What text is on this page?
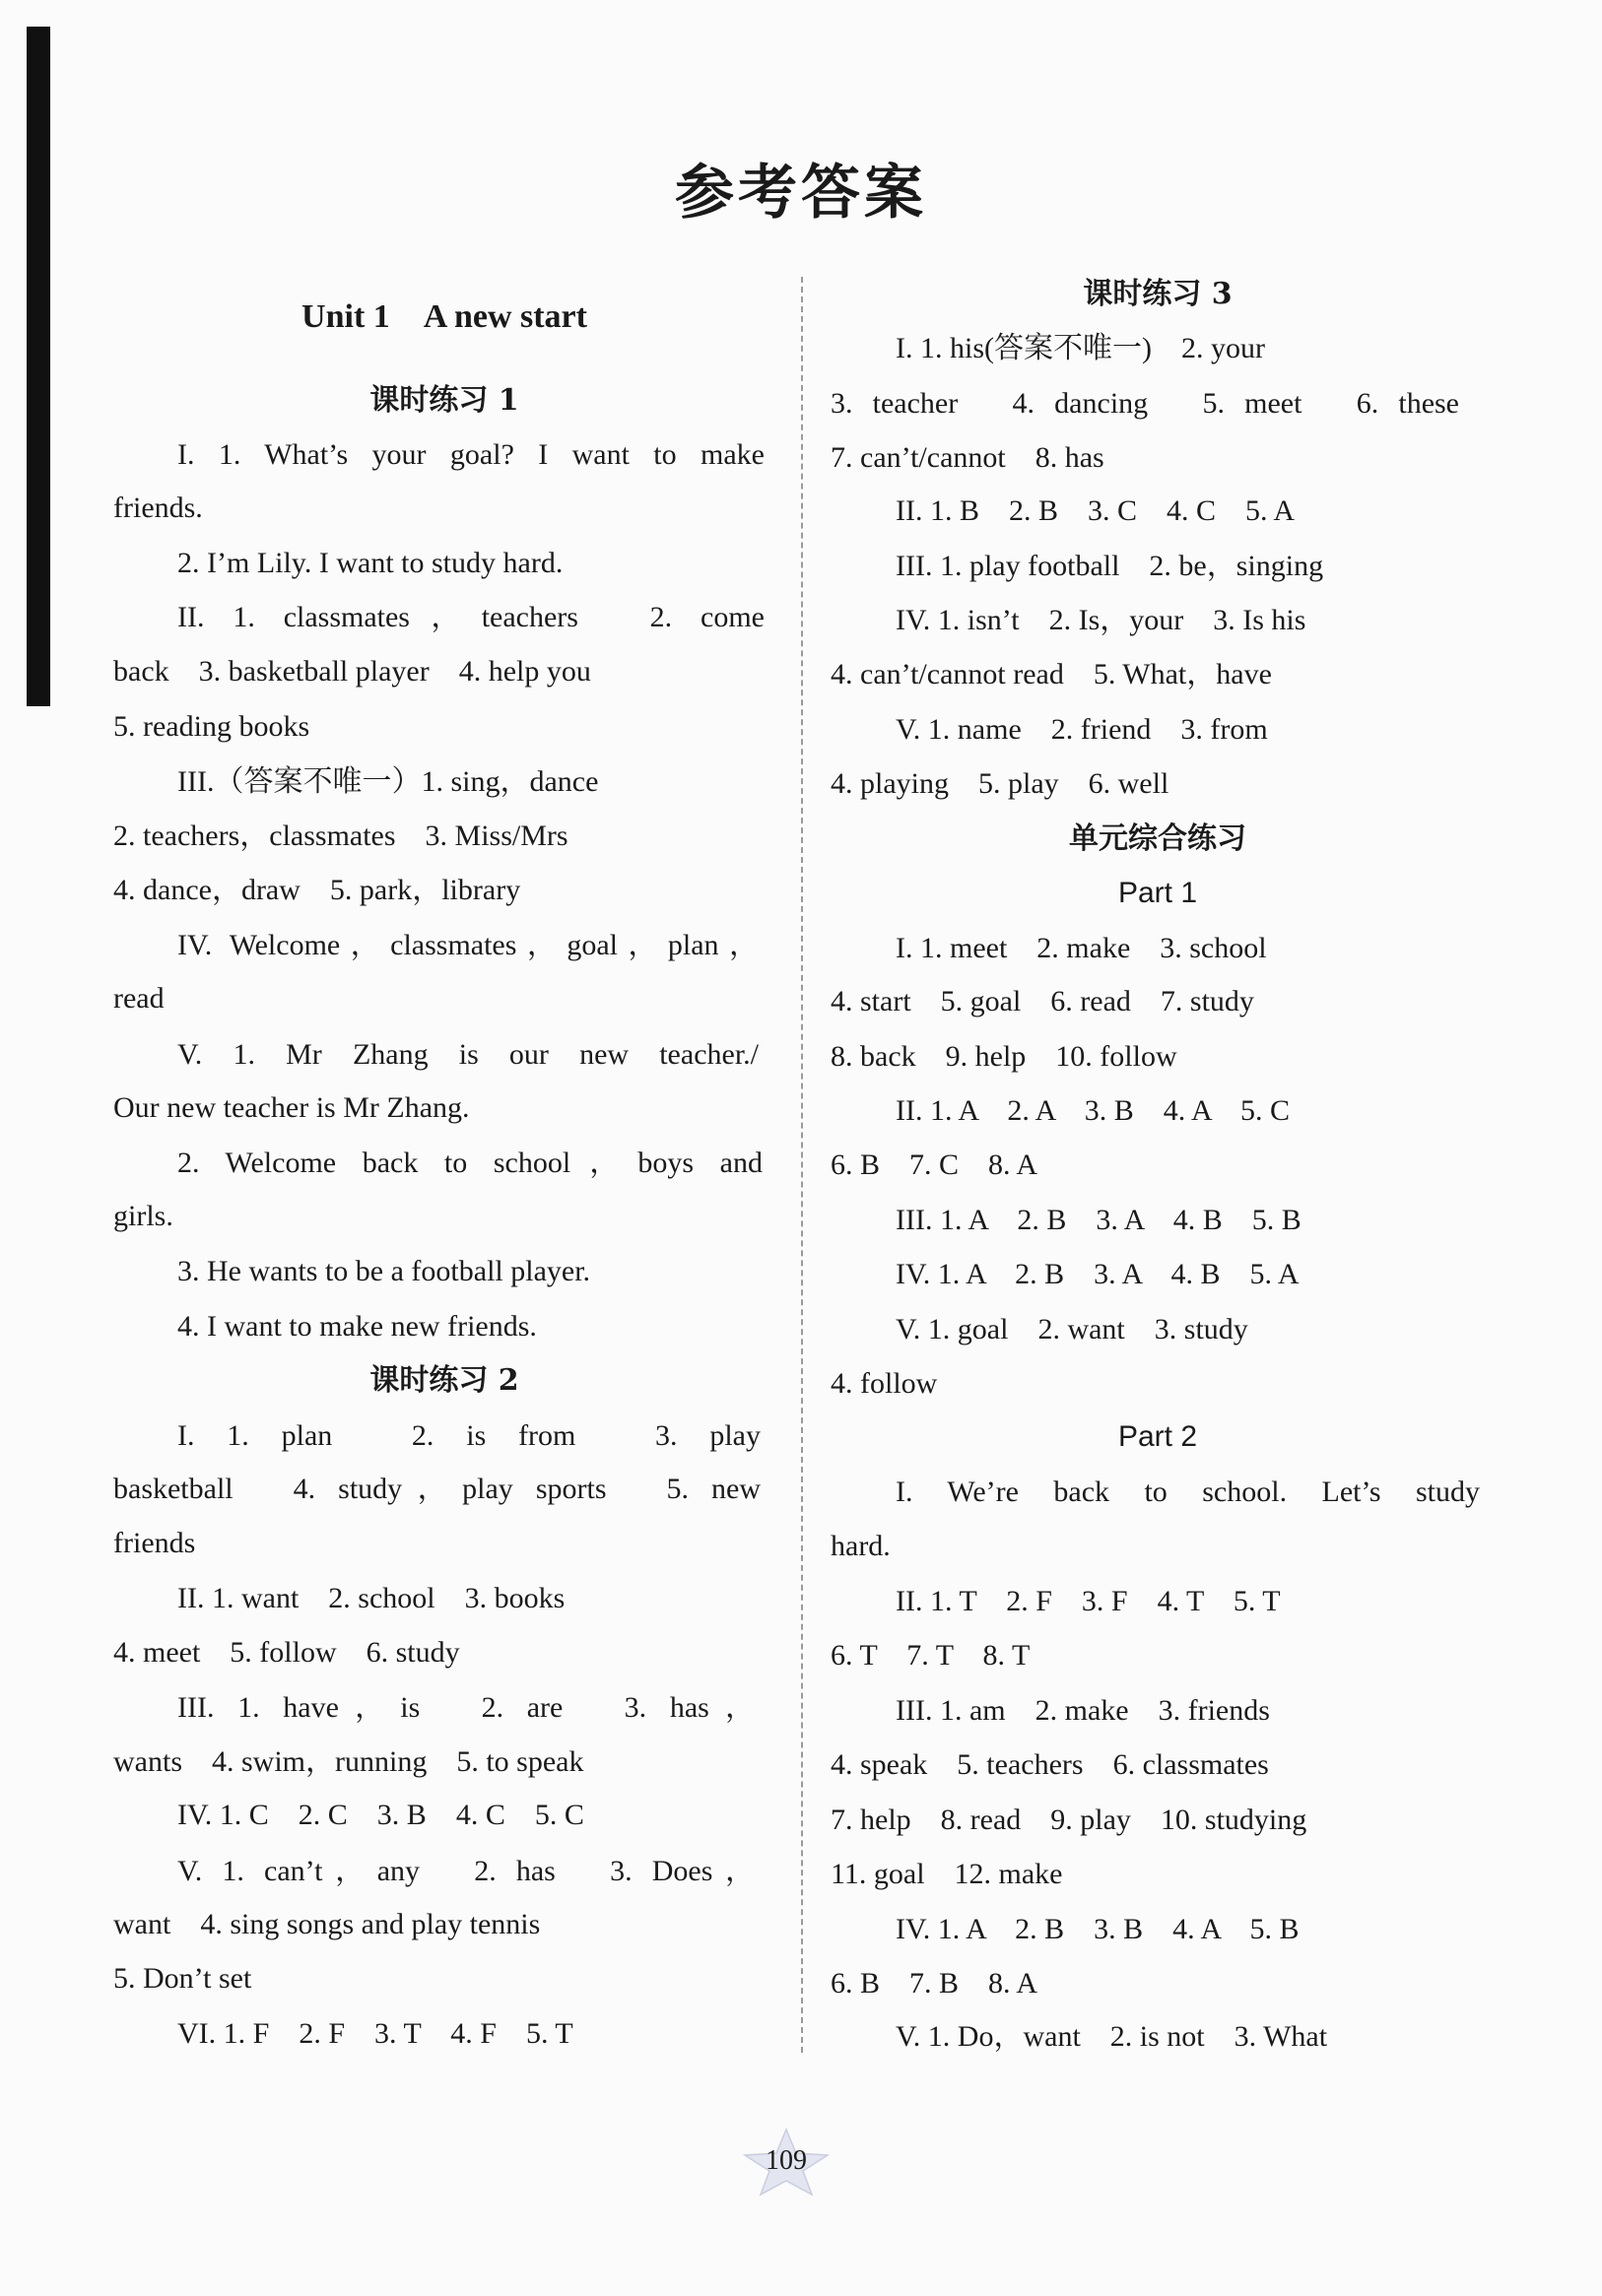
参考答案
Unit 1　A new start
课时练习 1
I. 1. What’s your goal? I want to make
friends.
2. I’m Lily. I want to study hard.
II. 1. classmates，teachers　2. come
back　3. basketball player　4. help you
5. reading books
III.（答案不唯一）1. sing，dance
2. teachers，classmates　3. Miss/Mrs
4. dance，draw　5. park，library
IV. Welcome，classmates，goal，plan，
read
V. 1. Mr Zhang is our new teacher./
Our new teacher is Mr Zhang.
2. Welcome back to school，boys and
girls.
3. He wants to be a football player.
4. I want to make new friends.
课时练习 2
I. 1. plan　2. is from　3. play
basketball　4. study，play sports　5. new
friends
II. 1. want　2. school　3. books
4. meet　5. follow　6. study
III. 1. have，is　2. are　3. has，
wants　4. swim，running　5. to speak
IV. 1. C　2. C　3. B　4. C　5. C
V. 1. can’t，any　2. has　3. Does，
want　4. sing songs and play tennis
5. Don’t set
VI. 1. F　2. F　3. T　4. F　5. T
课时练习 3
I. 1. his(答案不唯一)　2. your
3. teacher　4. dancing　5. meet　6. these
7. can’t/cannot　8. has
II. 1. B　2. B　3. C　4. C　5. A
III. 1. play football　2. be，singing
IV. 1. isn’t　2. Is，your　3. Is his
4. can’t/cannot read　5. What，have
V. 1. name　2. friend　3. from
4. playing　5. play　6. well
单元综合练习
Part 1
I. 1. meet　2. make　3. school
4. start　5. goal　6. read　7. study
8. back　9. help　10. follow
II. 1. A　2. A　3. B　4. A　5. C
6. B　7. C　8. A
III. 1. A　2. B　3. A　4. B　5. B
IV. 1. A　2. B　3. A　4. B　5. A
V. 1. goal　2. want　3. study
4. follow
Part 2
I. We’re back to school. Let’s study
hard.
II. 1. T　2. F　3. F　4. T　5. T
6. T　7. T　8. T
III. 1. am　2. make　3. friends
4. speak　5. teachers　6. classmates
7. help　8. read　9. play　10. studying
11. goal　12. make
IV. 1. A　2. B　3. B　4. A　5. B
6. B　7. B　8. A
V. 1. Do，want　2. is not　3. What
109
